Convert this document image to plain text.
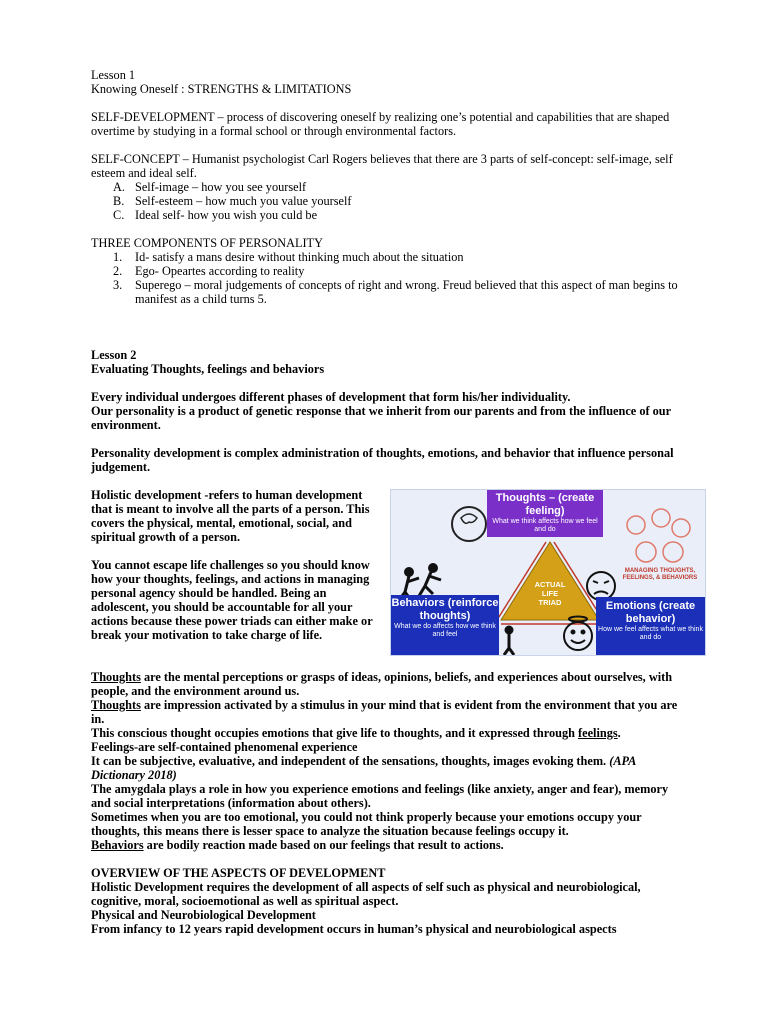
Lesson 1

Knowing Oneself : STRENGTHS & LIMITATIONS

SELF-DEVELOPMENT – process of discovering oneself by realizing one’s potential and capabilities that are shaped overtime by studying in a formal school or through environmental factors.

SELF-CONCEPT – Humanist psychologist Carl Rogers believes that there are 3 parts of self-concept: self-image, self esteem and ideal self.

A. Self-image – how you see yourself
B. Self-esteem – how much you value yourself
C. Ideal self- how you wish you culd be

THREE COMPONENTS OF PERSONALITY

1.	Id- satisfy a mans desire without thinking much about the situation
2.	Ego- Opeartes according to reality
3.	Superego – moral judgements of concepts of right and wrong. Freud believed that this aspect of man begins to manifest as a child turns 5.

Lesson 2

Evaluating Thoughts, feelings and behaviors

Every individual undergoes different phases of development that form his/her individuality.

Our personality is a product of genetic response that we inherit from our parents and from the influence of our environment.

Personality development is complex administration of thoughts, emotions, and behavior that influence personal judgement.

Holistic development -refers to human development that is meant to involve all the parts of a person. This covers the physical, mental, emotional, social, and spiritual growth of a person.

You cannot escape life challenges so you should know how your thoughts, feelings, and actions in managing personal agency should be handled. Being an adolescent, you should be accountable for all your actions because these power triads can either make or break your motivation to take charge of life.

Thoughts – (create feeling)
What we think affects how we feel and do
Behaviors (reinforce thoughts)
What we do affects how we think and feel
Emotions (create behavior)
How we feel affects what we think and do
ACTUAL
LIFE
TRIAD
MANAGING THOUGHTS, FEELINGS, & BEHAVIORS

Thoughts are the mental perceptions or grasps of ideas, opinions, beliefs, and experiences about ourselves, with people, and the environment around us.

Thoughts are impression activated by a stimulus in your mind that is evident from the environment that you are in.

This conscious thought occupies emotions that give life to thoughts, and it expressed through feelings.

Feelings-are self-contained phenomenal experience

It can be subjective, evaluative, and independent of the sensations, thoughts, images evoking them. (APA Dictionary 2018)

The amygdala plays a role in how you experience emotions and feelings (like anxiety, anger and fear), memory and social interpretations (information about others).

Sometimes when you are too emotional, you could not think properly because your emotions occupy your thoughts, this means there is lesser space to analyze the situation because feelings occupy it.

Behaviors are bodily reaction made based on our feelings that result to actions.

OVERVIEW OF THE ASPECTS OF DEVELOPMENT

Holistic Development requires the development of all aspects of self such as physical and neurobiological, cognitive, moral, socioemotional as well as spiritual aspect.

Physical and Neurobiological Development

From infancy to 12 years rapid development occurs in human’s physical and neurobiological aspects
